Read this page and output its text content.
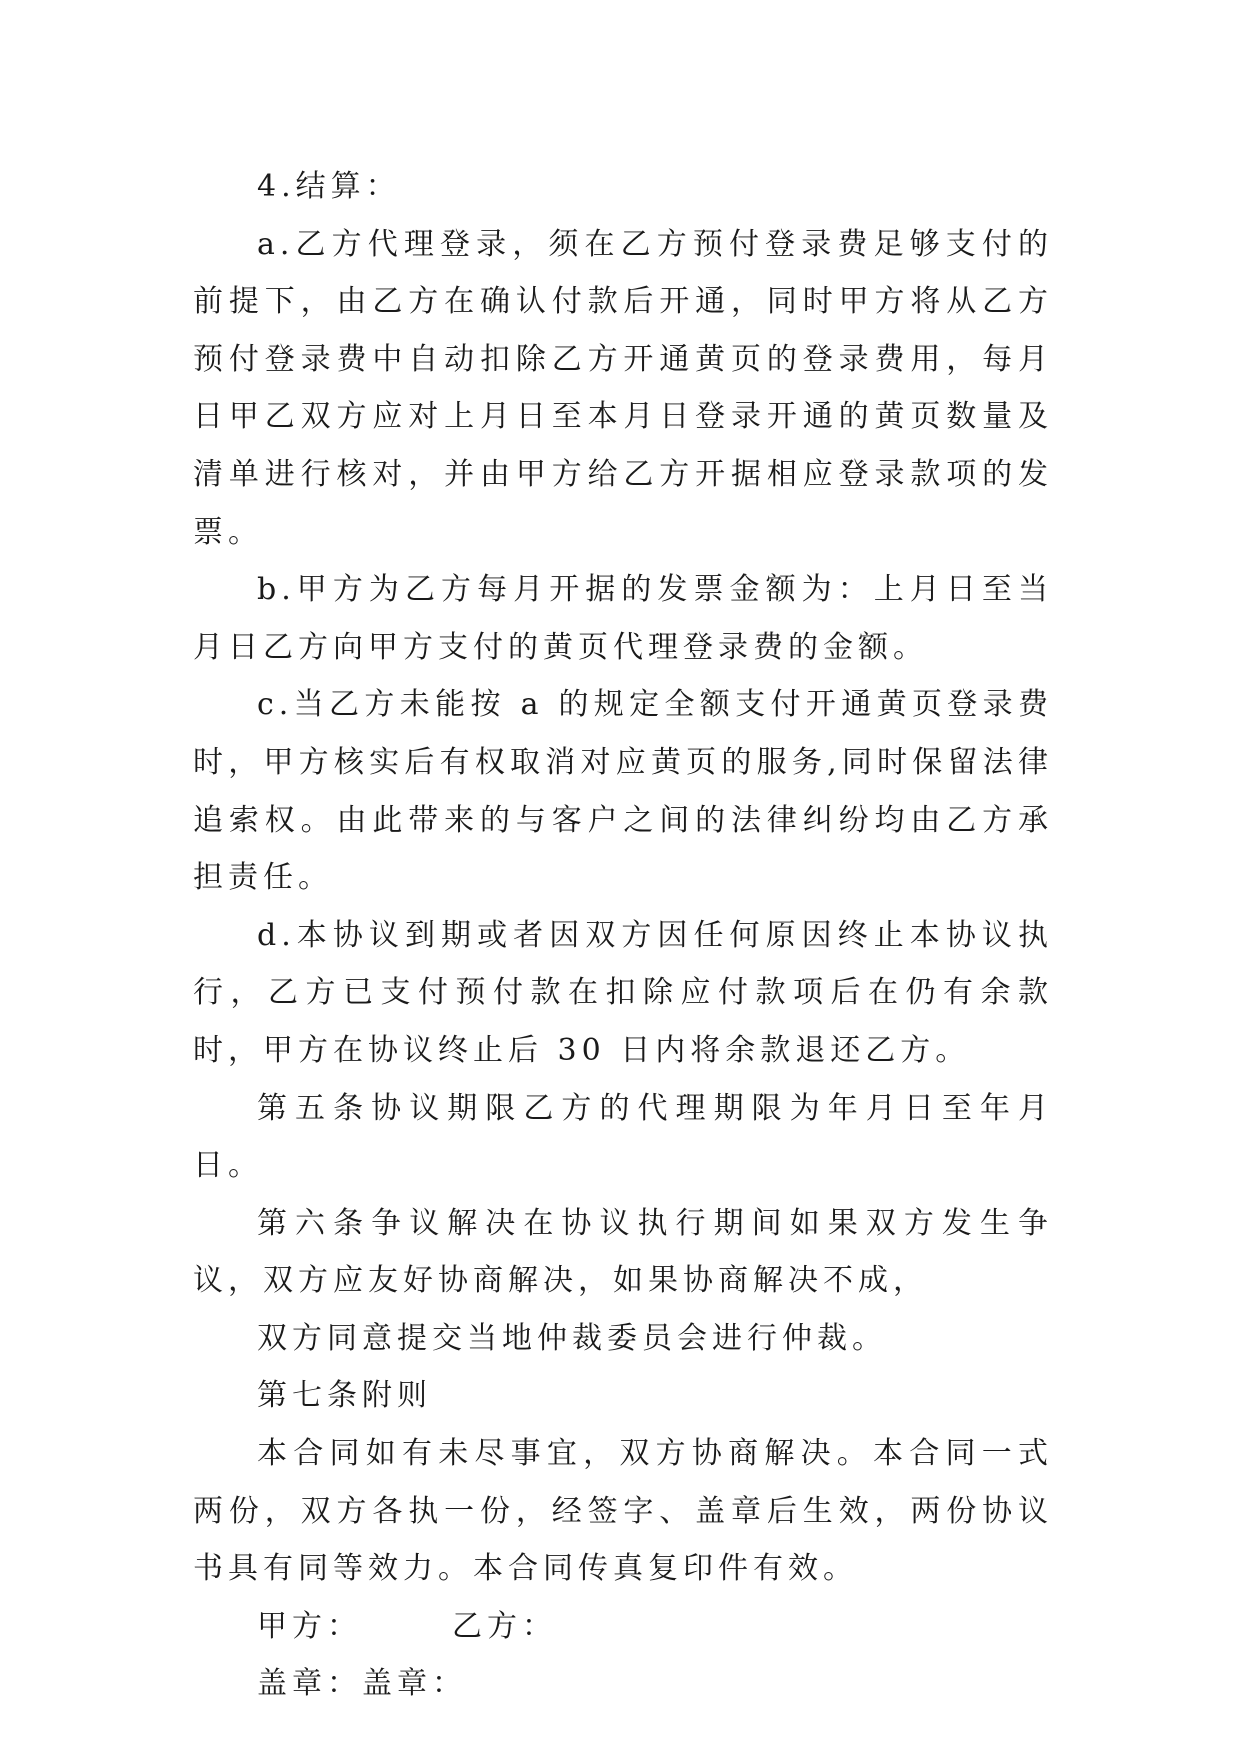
4.结算：

a.乙方代理登录，须在乙方预付登录费足够支付的前提下，由乙方在确认付款后开通，同时甲方将从乙方预付登录费中自动扣除乙方开通黄页的登录费用，每月日甲乙双方应对上月日至本月日登录开通的黄页数量及清单进行核对，并由甲方给乙方开据相应登录款项的发票。

b.甲方为乙方每月开据的发票金额为：上月日至当月日乙方向甲方支付的黄页代理登录费的金额。

c.当乙方未能按 a 的规定全额支付开通黄页登录费时，甲方核实后有权取消对应黄页的服务,同时保留法律追索权。由此带来的与客户之间的法律纠纷均由乙方承担责任。

d.本协议到期或者因双方因任何原因终止本协议执行，乙方已支付预付款在扣除应付款项后在仍有余款时，甲方在协议终止后 30 日内将余款退还乙方。

第五条协议期限乙方的代理期限为年月日至年月日。

第六条争议解决在协议执行期间如果双方发生争议，双方应友好协商解决，如果协商解决不成，

双方同意提交当地仲裁委员会进行仲裁。

第七条附则

本合同如有未尽事宜，双方协商解决。本合同一式两份，双方各执一份，经签字、盖章后生效，两份协议书具有同等效力。本合同传真复印件有效。

甲方：	乙方：

盖章：盖章：
